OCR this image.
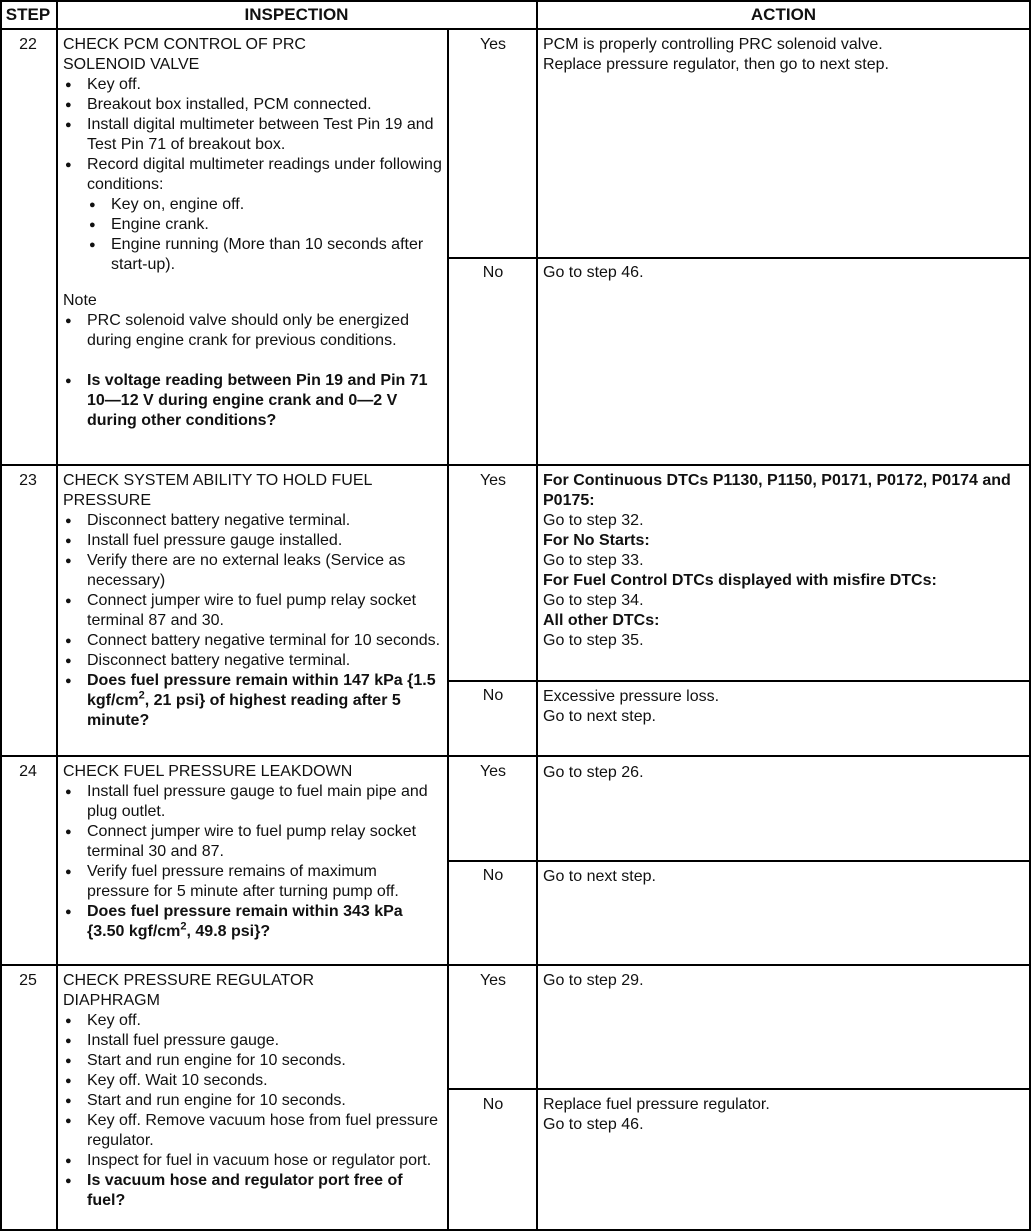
STEP	INSPECTION	ACTION
22	CHECK PCM CONTROL OF PRC
SOLENOID VALVE
● Key off.
● Breakout box installed, PCM connected.
● Install digital multimeter between Test Pin 19 and Test Pin 71 of breakout box.
● Record digital multimeter readings under following conditions:
● Key on, engine off.
● Engine crank.
● Engine running (More than 10 seconds after start-up).
Note
● PRC solenoid valve should only be energized during engine crank for previous conditions.
● Is voltage reading between Pin 19 and Pin 71 10—12 V during engine crank and 0—2 V during other conditions?
Yes	PCM is properly controlling PRC solenoid valve.
Replace pressure regulator, then go to next step.
No	Go to step 46.
23	CHECK SYSTEM ABILITY TO HOLD FUEL
PRESSURE
● Disconnect battery negative terminal.
● Install fuel pressure gauge installed.
● Verify there are no external leaks (Service as necessary)
● Connect jumper wire to fuel pump relay socket terminal 87 and 30.
● Connect battery negative terminal for 10 seconds.
● Disconnect battery negative terminal.
● Does fuel pressure remain within 147 kPa {1.5 kgf/$cm^2$, 21 psi} of highest reading after 5 minute?
Yes	For Continuous DTCs P1130, P1150, P0171, P0172, P0174 and P0175:
Go to step 32.
For No Starts:
Go to step 33.
For Fuel Control DTCs displayed with misfire DTCs:
Go to step 34.
All other DTCs:
Go to step 35.
No	Excessive pressure loss.
Go to next step.
24	CHECK FUEL PRESSURE LEAKDOWN
● Install fuel pressure gauge to fuel main pipe and plug outlet.
● Connect jumper wire to fuel pump relay socket terminal 30 and 87.
● Verify fuel pressure remains of maximum pressure for 5 minute after turning pump off.
● Does fuel pressure remain within 343 kPa {3.50 kgf/$cm^2$, 49.8 psi}?
Yes	Go to step 26.
No	Go to next step.
25	CHECK PRESSURE REGULATOR
DIAPHRAGM
● Key off.
● Install fuel pressure gauge.
● Start and run engine for 10 seconds.
● Key off. Wait 10 seconds.
● Start and run engine for 10 seconds.
● Key off. Remove vacuum hose from fuel pressure regulator.
● Inspect for fuel in vacuum hose or regulator port.
● Is vacuum hose and regulator port free of fuel?
Yes	Go to step 29.
No	Replace fuel pressure regulator.
Go to step 46.
